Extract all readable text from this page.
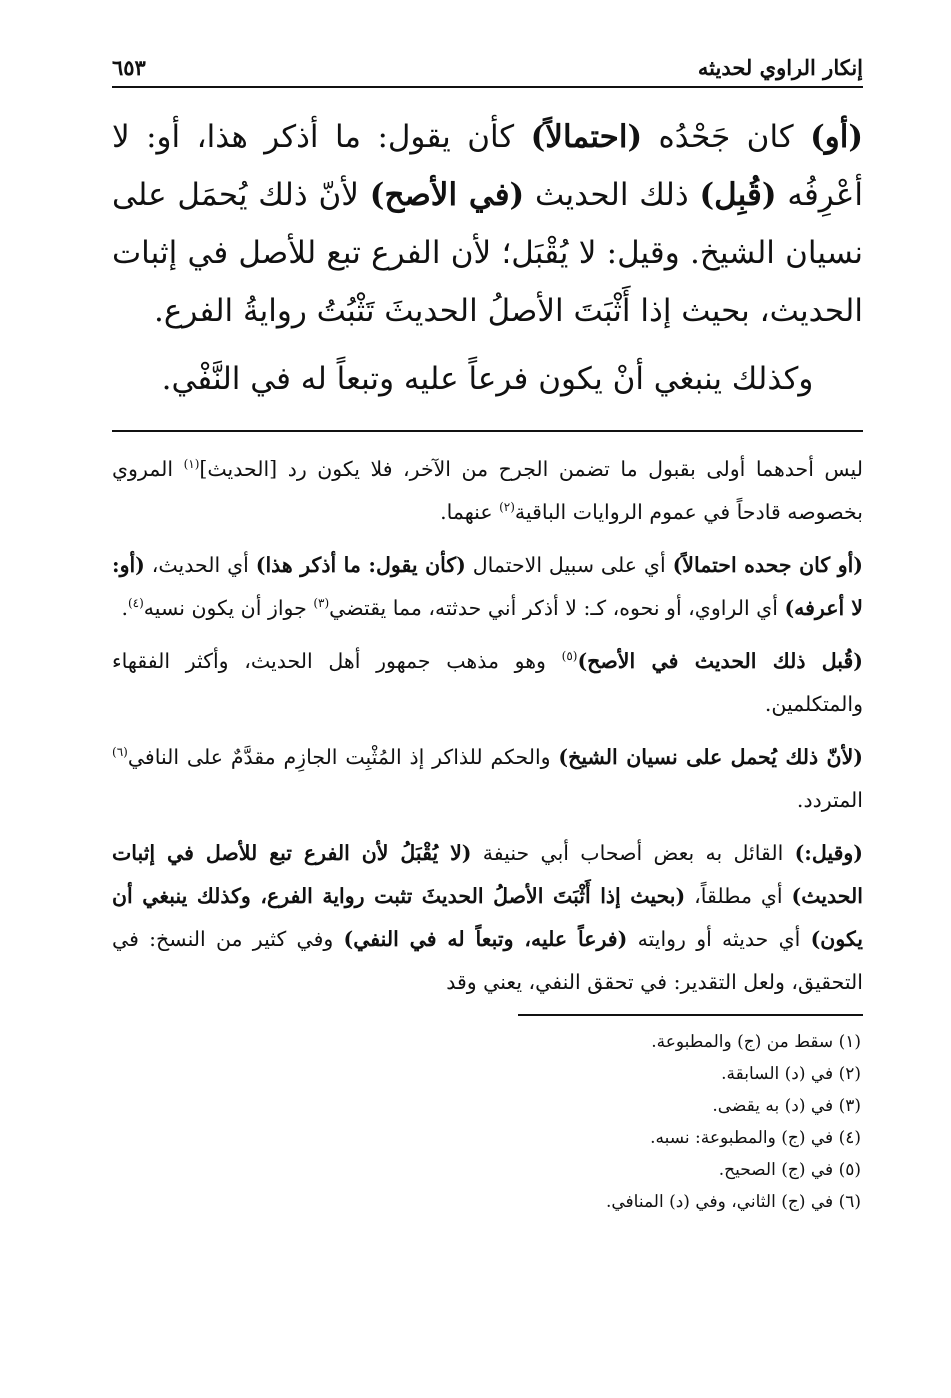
إنكار الراوي لحديثه
٦٥٣

(أو) كان جَحْدُه (احتمالاً) كأن يقول: ما أذكر هذا، أو: لا أعْرِفُه (قُبِل) ذلك الحديث (في الأصح) لأنّ ذلك يُحمَل على نسيان الشيخ. وقيل: لا يُقْبَل؛ لأن الفرع تبع للأصل في إثبات الحديث، بحيث إذا أَثْبَتَ الأصلُ الحديثَ تَثْبُتُ روايةُ الفرع.

وكذلك ينبغي أنْ يكون فرعاً عليه وتبعاً له في النَّفْي.

ليس أحدهما أولى بقبول ما تضمن الجرح من الآخر، فلا يكون رد [الحديث]$^{(١)}$ المروي بخصوصه قادحاً في عموم الروايات الباقية$^{(٢)}$ عنهما.

(أو كان جحده احتمالاً) أي على سبيل الاحتمال (كأن يقول: ما أذكر هذا) أي الحديث، (أو: لا أعرفه) أي الراوي، أو نحوه، كـ: لا أذكر أني حدثته، مما يقتضي$^{(٣)}$ جواز أن يكون نسيه$^{(٤)}$.

(قُبل ذلك الحديث في الأصح)$^{(٥)}$ وهو مذهب جمهور أهل الحديث، وأكثر الفقهاء والمتكلمين.

(لأنّ ذلك يُحمل على نسيان الشيخ) والحكم للذاكر إذ المُثْبِت الجازِم مقدَّمٌ على النافي$^{(٦)}$ المتردد.

(وقيل:) القائل به بعض أصحاب أبي حنيفة (لا يُقْبَلُ لأن الفرع تبع للأصل في إثبات الحديث) أي مطلقاً، (بحيث إذا أَثْبَتَ الأصلُ الحديثَ تثبت رواية الفرع، وكذلك ينبغي أن يكون) أي حديثه أو روايته (فرعاً عليه، وتبعاً له في النفي) وفي كثير من النسخ: في التحقيق، ولعل التقدير: في تحقق النفي، يعني وقد

(١) سقط من (ج) والمطبوعة.
(٢) في (د) السابقة.
(٣) في (د) به يقضى.
(٤) في (ج) والمطبوعة: نسبه.
(٥) في (ج) الصحيح.
(٦) في (ج) الثاني، وفي (د) المنافي.
